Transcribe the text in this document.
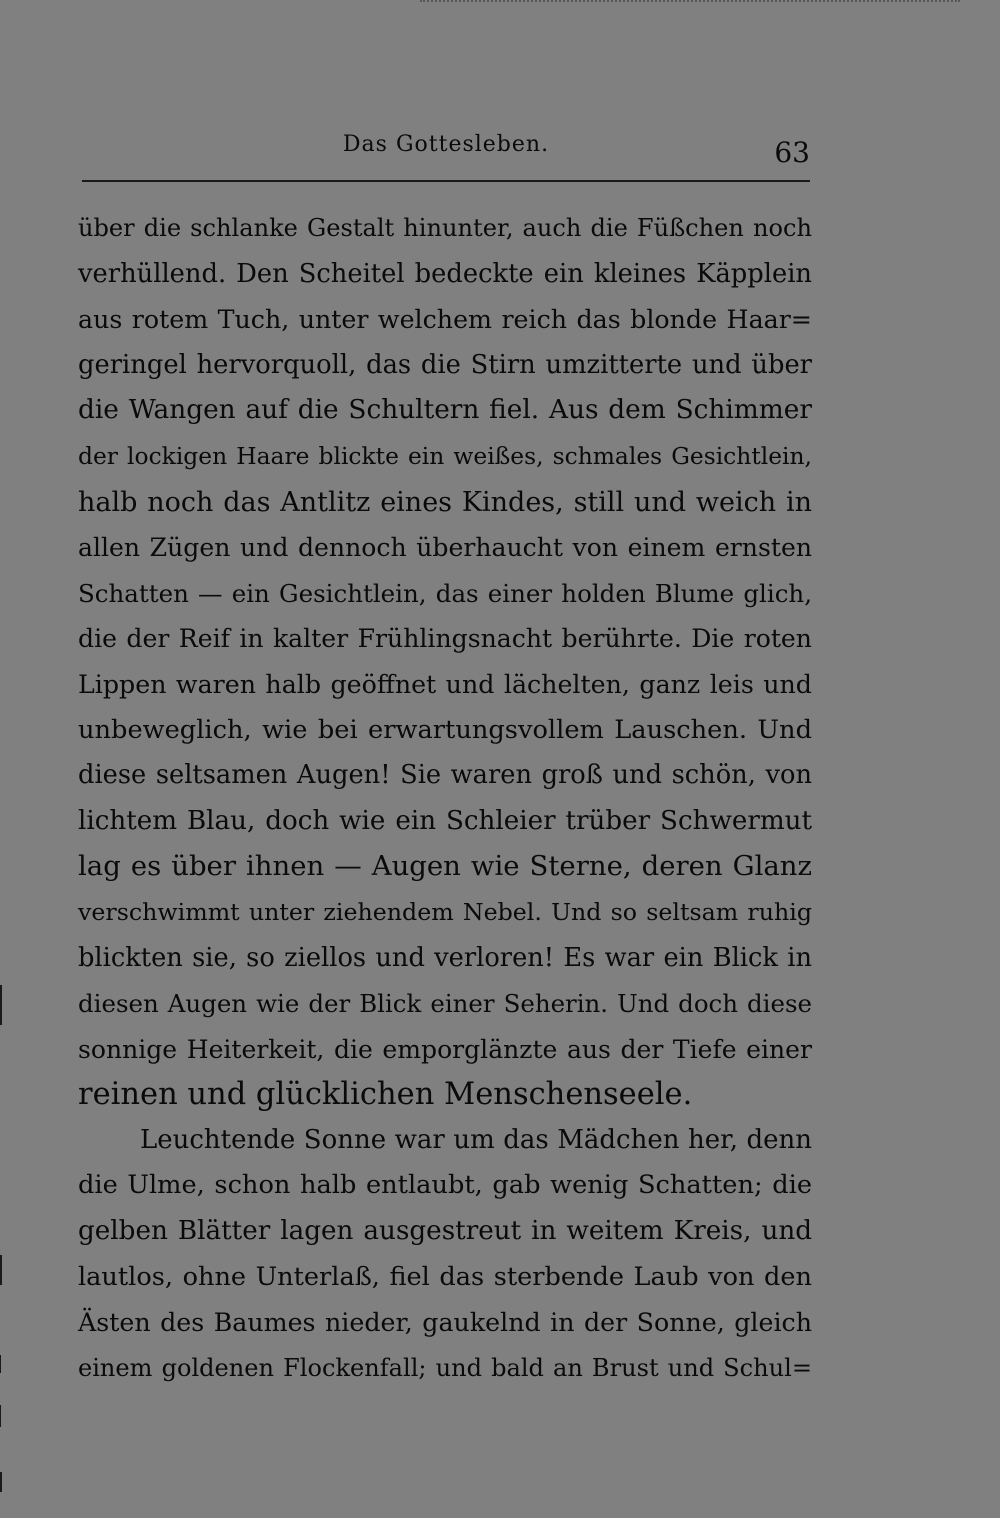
Das Gottesleben.	63
über die schlanke Gestalt hinunter, auch die Füßchen noch
verhüllend. Den Scheitel bedeckte ein kleines Käpplein
aus rotem Tuch, unter welchem reich das blonde Haar=
geringel hervorquoll, das die Stirn umzitterte und über
die Wangen auf die Schultern fiel. Aus dem Schimmer
der lockigen Haare blickte ein weißes, schmales Gesichtlein,
halb noch das Antlitz eines Kindes, still und weich in
allen Zügen und dennoch überhaucht von einem ernsten
Schatten — ein Gesichtlein, das einer holden Blume glich,
die der Reif in kalter Frühlingsnacht berührte. Die roten
Lippen waren halb geöffnet und lächelten, ganz leis und
unbeweglich, wie bei erwartungsvollem Lauschen. Und
diese seltsamen Augen! Sie waren groß und schön, von
lichtem Blau, doch wie ein Schleier trüber Schwermut
lag es über ihnen — Augen wie Sterne, deren Glanz
verschwimmt unter ziehendem Nebel. Und so seltsam ruhig
blickten sie, so ziellos und verloren! Es war ein Blick in
diesen Augen wie der Blick einer Seherin. Und doch diese
sonnige Heiterkeit, die emporglänzte aus der Tiefe einer
reinen und glücklichen Menschenseele.
Leuchtende Sonne war um das Mädchen her, denn
die Ulme, schon halb entlaubt, gab wenig Schatten; die
gelben Blätter lagen ausgestreut in weitem Kreis, und
lautlos, ohne Unterlaß, fiel das sterbende Laub von den
Ästen des Baumes nieder, gaukelnd in der Sonne, gleich
einem goldenen Flockenfall; und bald an Brust und Schul=
